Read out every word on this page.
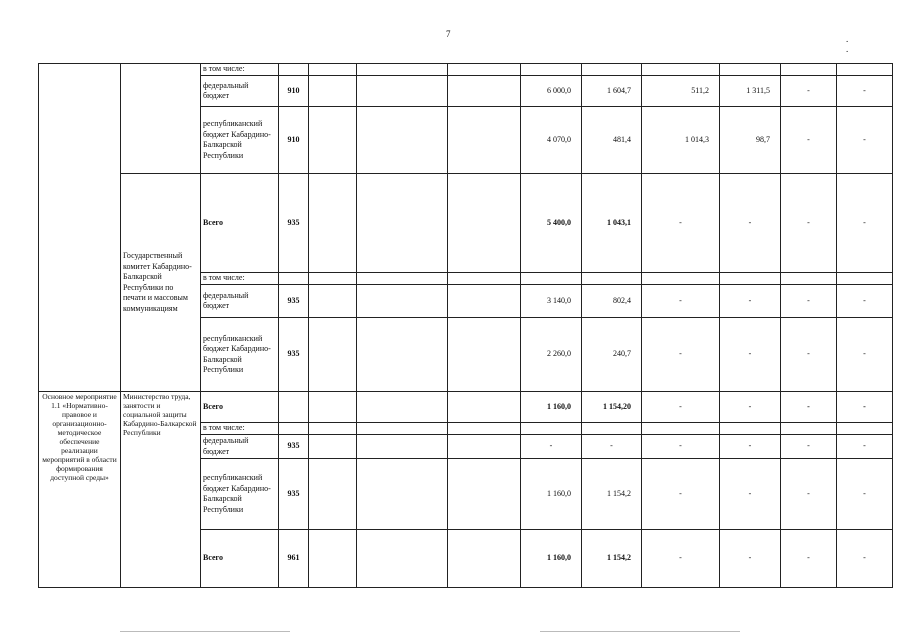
7	. .
		в том числе:										
		федеральный бюджет	910				6 000,0	1 604,7	511,2	1 311,5	-	-
		республиканский бюджет Кабардино-Балкарской Республики	910				4 070,0	481,4	1 014,3	98,7	-	-
	Государственный комитет Кабардино-Балкарской Республики по печати и массовым коммуникациям	Всего	935				5 400,0	1 043,1	-	-	-	-
		в том числе:										
		федеральный бюджет	935				3 140,0	802,4	-	-	-	-
		республиканский бюджет Кабардино-Балкарской Республики	935				2 260,0	240,7	-	-	-	-
Основное мероприятие 1.1 «Нормативно-правовое и организационно-методическое обеспечение реализации мероприятий в области формирования доступной среды»	Министерство труда, занятости и социальной защиты Кабардино-Балкарской Республики	Всего					1 160,0	1 154,20	-	-	-	-
		в том числе:										
		федеральный бюджет	935				-	-	-	-	-	-
		республиканский бюджет Кабардино-Балкарской Республики	935				1 160,0	1 154,2	-	-	-	-
		Всего	961				1 160,0	1 154,2	-	-	-	-
